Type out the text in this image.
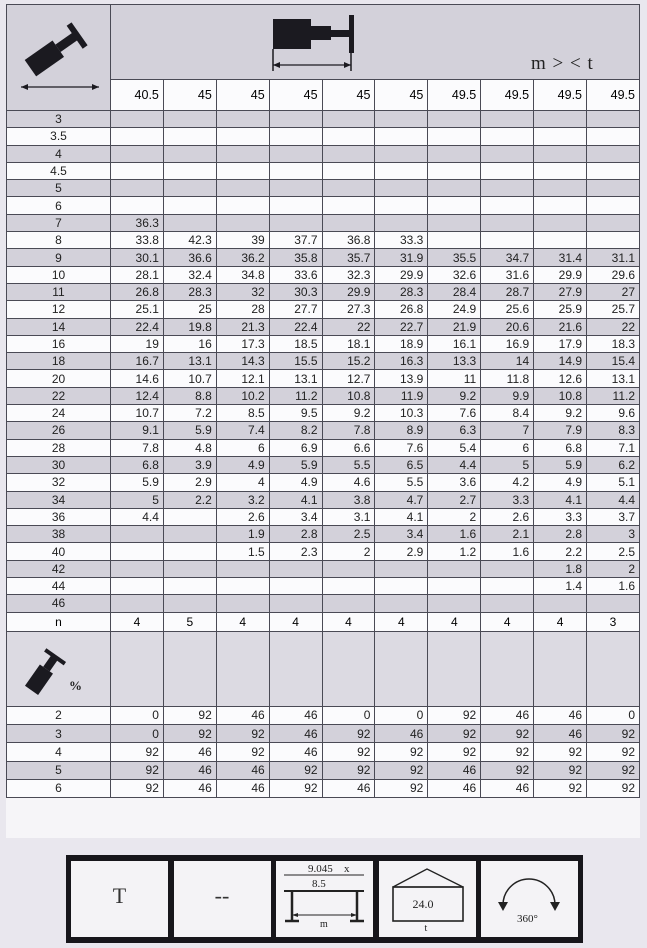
m > < t									

	40.5	45	45	45	45	45	49.5	49.5	49.5	49.5
3										
3.5										
4										
4.5										
5										
6										
7	36.3									
8	33.8	42.3	39	37.7	36.8	33.3				
9	30.1	36.6	36.2	35.8	35.7	31.9	35.5	34.7	31.4	31.1
10	28.1	32.4	34.8	33.6	32.3	29.9	32.6	31.6	29.9	29.6
11	26.8	28.3	32	30.3	29.9	28.3	28.4	28.7	27.9	27
12	25.1	25	28	27.7	27.3	26.8	24.9	25.6	25.9	25.7
14	22.4	19.8	21.3	22.4	22	22.7	21.9	20.6	21.6	22
16	19	16	17.3	18.5	18.1	18.9	16.1	16.9	17.9	18.3
18	16.7	13.1	14.3	15.5	15.2	16.3	13.3	14	14.9	15.4
20	14.6	10.7	12.1	13.1	12.7	13.9	11	11.8	12.6	13.1
22	12.4	8.8	10.2	11.2	10.8	11.9	9.2	9.9	10.8	11.2
24	10.7	7.2	8.5	9.5	9.2	10.3	7.6	8.4	9.2	9.6
26	9.1	5.9	7.4	8.2	7.8	8.9	6.3	7	7.9	8.3
28	7.8	4.8	6	6.9	6.6	7.6	5.4	6	6.8	7.1
30	6.8	3.9	4.9	5.9	5.5	6.5	4.4	5	5.9	6.2
32	5.9	2.9	4	4.9	4.6	5.5	3.6	4.2	4.9	5.1
34	5	2.2	3.2	4.1	3.8	4.7	2.7	3.3	4.1	4.4
36	4.4		2.6	3.4	3.1	4.1	2	2.6	3.3	3.7
38			1.9	2.8	2.5	3.4	1.6	2.1	2.8	3
40			1.5	2.3	2	2.9	1.2	1.6	2.2	2.5
42									1.8	2
44									1.4	1.6
46										
n	4	5	4	4	4	4	4	4	4	3

%										

2	0	92	46	46	0	0	92	46	46	0
3	0	92	92	46	92	46	92	92	46	92
4	92	46	92	46	92	92	92	92	92	92
5	92	46	46	92	92	92	46	92	92	92
6	92	46	46	92	46	92	46	46	92	92
T	--
9.045 x
8.5
m
24.0
t
360°
